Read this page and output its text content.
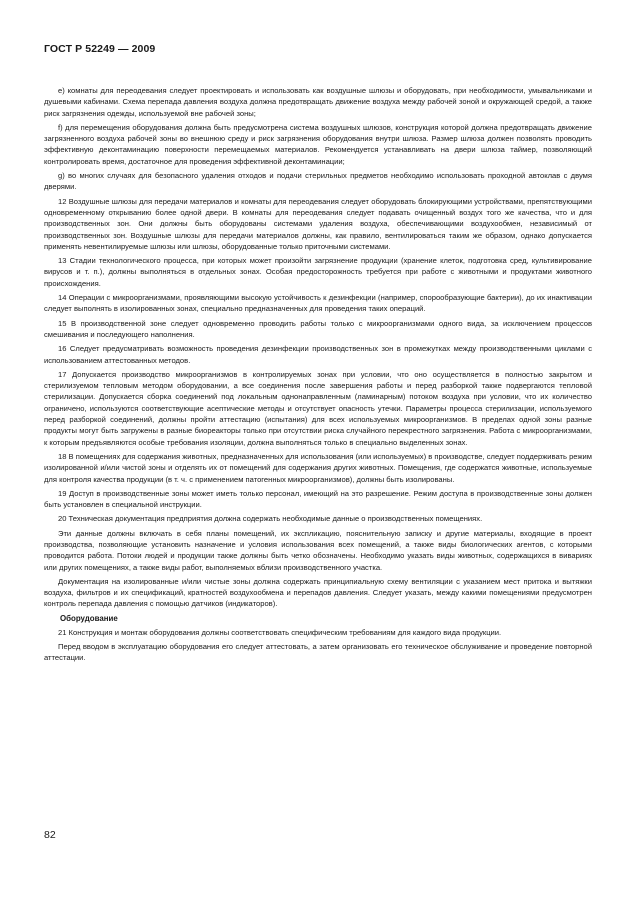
ГОСТ Р 52249 — 2009

e) комнаты для переодевания следует проектировать и использовать как воздушные шлюзы и оборудовать, при необходимости, умывальниками и душевыми кабинами. Схема перепада давления воздуха должна предотвращать движение воздуха между рабочей зоной и окружающей средой, а также риск загрязнения одежды, используемой вне рабочей зоны;

f) для перемещения оборудования должна быть предусмотрена система воздушных шлюзов, конструкция которой должна предотвращать движение загрязненного воздуха рабочей зоны во внешнюю среду и риск загрязнения оборудования внутри шлюза. Размер шлюза должен позволять проводить эффективную деконтаминацию поверхности перемещаемых материалов. Рекомендуется устанавливать на двери шлюза таймер, позволяющий контролировать время, достаточное для проведения эффективной деконтаминации;

g) во многих случаях для безопасного удаления отходов и подачи стерильных предметов необходимо использовать проходной автоклав с двумя дверями.

12 Воздушные шлюзы для передачи материалов и комнаты для переодевания следует оборудовать блокирующими устройствами, препятствующими одновременному открыванию более одной двери. В комнаты для переодевания следует подавать очищенный воздух того же качества, что и для производственных зон. Они должны быть оборудованы системами удаления воздуха, обеспечивающими воздухообмен, независимый от производственных зон. Воздушные шлюзы для передачи материалов должны, как правило, вентилироваться таким же образом, однако допускается применять невентилируемые шлюзы или шлюзы, оборудованные только приточными системами.

13 Стадии технологического процесса, при которых может произойти загрязнение продукции (хранение клеток, подготовка сред, культивирование вирусов и т. п.), должны выполняться в отдельных зонах. Особая предосторожность требуется при работе с животными и продуктами животного происхождения.

14 Операции с микроорганизмами, проявляющими высокую устойчивость к дезинфекции (например, спорообразующие бактерии), до их инактивации следует выполнять в изолированных зонах, специально предназначенных для проведения таких операций.

15 В производственной зоне следует одновременно проводить работы только с микроорганизмами одного вида, за исключением процессов смешивания и последующего наполнения.

16 Следует предусматривать возможность проведения дезинфекции производственных зон в промежутках между производственными циклами с использованием аттестованных методов.

17 Допускается производство микроорганизмов в контролируемых зонах при условии, что оно осуществляется в полностью закрытом и стерилизуемом тепловым методом оборудовании, а все соединения после завершения работы и перед разборкой также подвергаются тепловой стерилизации. Допускается сборка соединений под локальным однонаправленным (ламинарным) потоком воздуха при условии, что их количество ограничено, используются соответствующие асептические методы и отсутствует опасность утечки. Параметры процесса стерилизации, используемого перед разборкой соединений, должны пройти аттестацию (испытания) для всех используемых микроорганизмов. В пределах одной зоны разные продукты могут быть загружены в разные биореакторы только при отсутствии риска случайного перекрестного загрязнения. Работа с микроорганизмами, к которым предъявляются особые требования изоляции, должна выполняться только в специально выделенных зонах.

18 В помещениях для содержания животных, предназначенных для использования (или используемых) в производстве, следует поддерживать режим изолированной и/или чистой зоны и отделять их от помещений для содержания других животных. Помещения, где содержатся животные, используемые для контроля качества продукции (в т. ч. с применением патогенных микроорганизмов), должны быть изолированы.

19 Доступ в производственные зоны может иметь только персонал, имеющий на это разрешение. Режим доступа в производственные зоны должен быть установлен в специальной инструкции.

20 Техническая документация предприятия должна содержать необходимые данные о производственных помещениях.

Эти данные должны включать в себя планы помещений, их экспликацию, пояснительную записку и другие материалы, входящие в проект производства, позволяющие установить назначение и условия использования всех помещений, а также виды биологических агентов, с которыми проводится работа. Потоки людей и продукции также должны быть четко обозначены. Необходимо указать виды животных, содержащихся в вивариях или других помещениях, а также виды работ, выполняемых вблизи производственного участка.

Документация на изолированные и/или чистые зоны должна содержать принципиальную схему вентиляции с указанием мест притока и вытяжки воздуха, фильтров и их спецификаций, кратностей воздухообмена и перепадов давления. Следует указать, между какими помещениями предусмотрен контроль перепада давления с помощью датчиков (индикаторов).

Оборудование

21 Конструкция и монтаж оборудования должны соответствовать специфическим требованиям для каждого вида продукции.

Перед вводом в эксплуатацию оборудования его следует аттестовать, а затем организовать его техническое обслуживание и проведение повторной аттестации.

82
